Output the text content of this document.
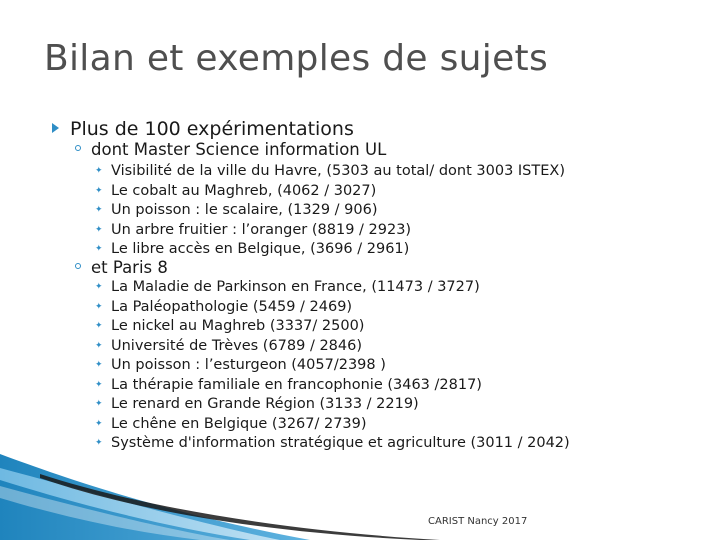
Bilan et exemples de sujets
Plus de 100 expérimentations
dont Master Science information UL
✦ Visibilité de la ville du Havre, (5303 au total/ dont 3003 ISTEX)
✦ Le cobalt au Maghreb, (4062 / 3027)
✦ Un poisson : le scalaire, (1329 / 906)
✦ Un arbre fruitier : l’oranger (8819 / 2923)
✦ Le libre accès en Belgique, (3696 / 2961)
et Paris 8
✦ La Maladie de Parkinson en France, (11473 / 3727)
✦ La Paléopathologie (5459 / 2469)
✦ Le nickel au Maghreb (3337/ 2500)
✦ Université de Trèves (6789 / 2846)
✦ Un poisson : l’esturgeon (4057/2398 )
✦ La thérapie familiale en francophonie (3463 /2817)
✦ Le renard en Grande Région (3133 / 2219)
✦ Le chêne en Belgique (3267/ 2739)
✦ Système d'information stratégique et agriculture (3011 / 2042)
CARIST Nancy 2017
